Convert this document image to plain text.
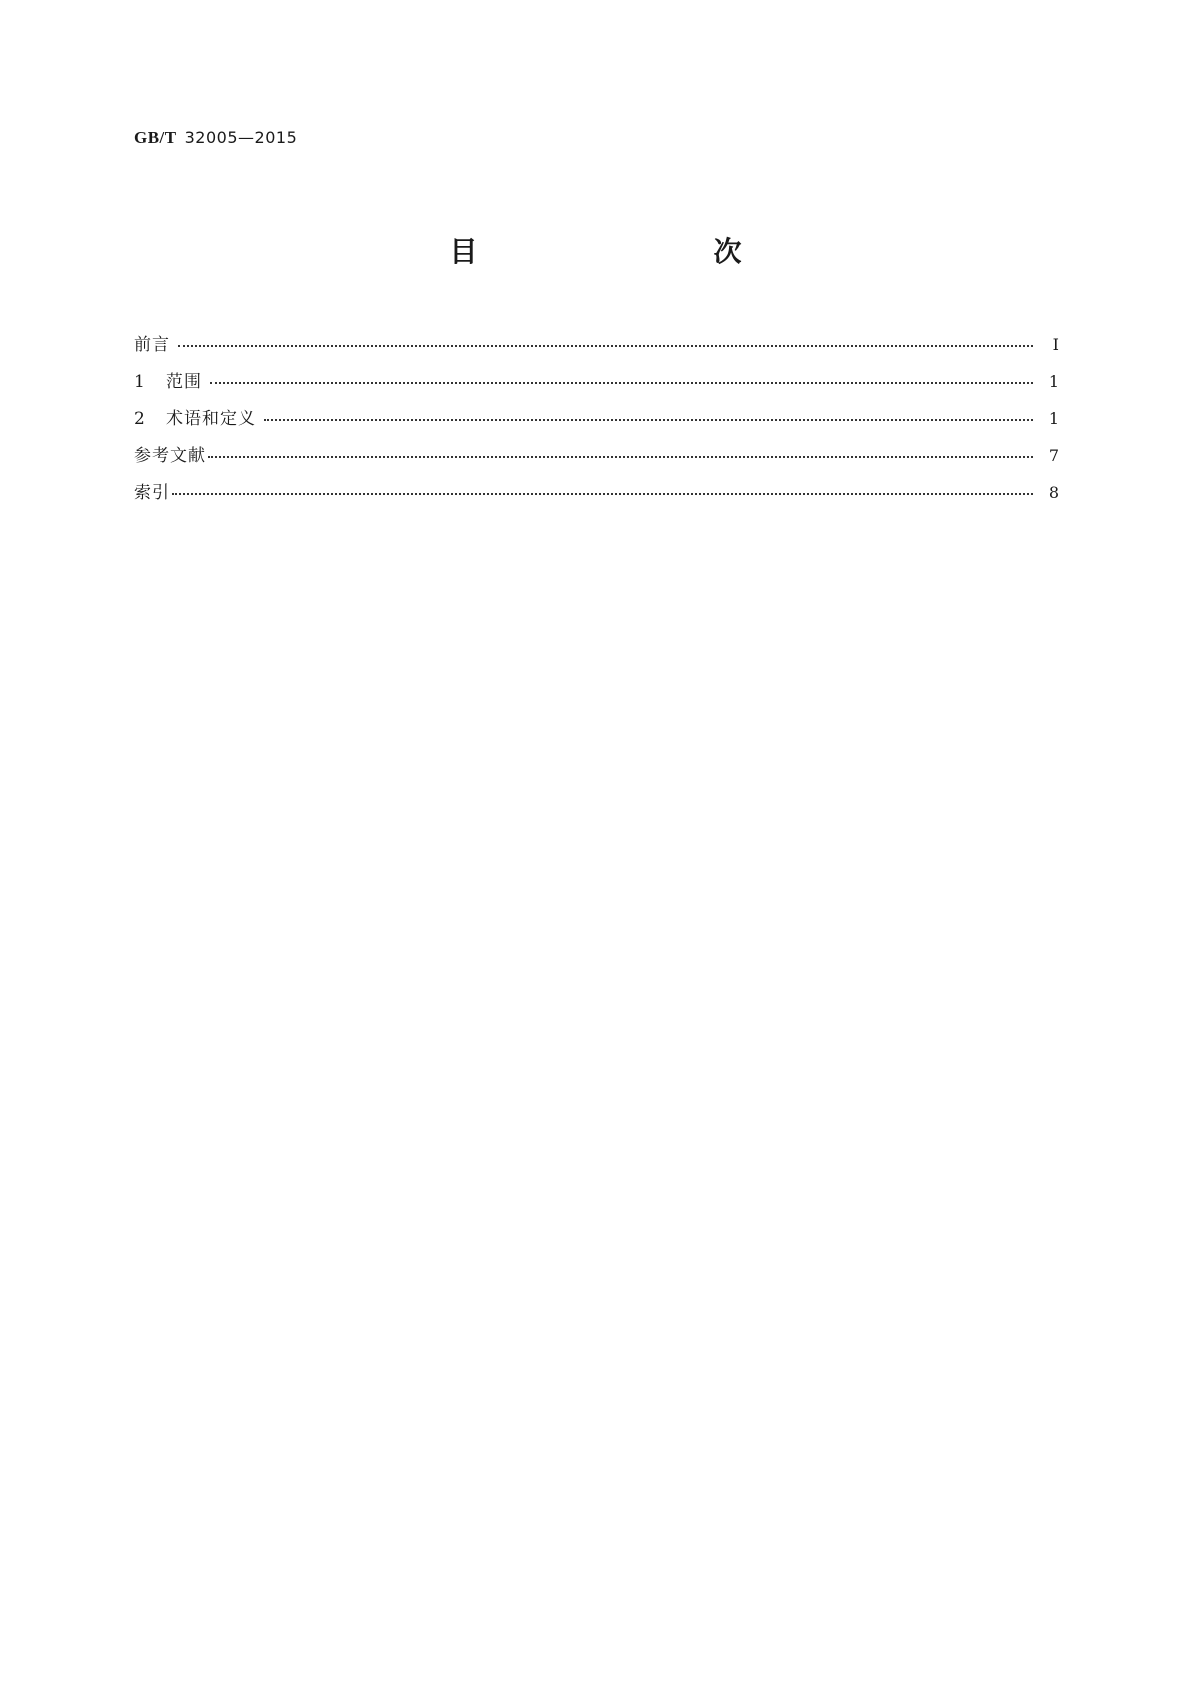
GB/T 32005—2015
目　　次
前言	Ⅰ
1 范围	1
2 术语和定义	1
参考文献	7
索引	8
